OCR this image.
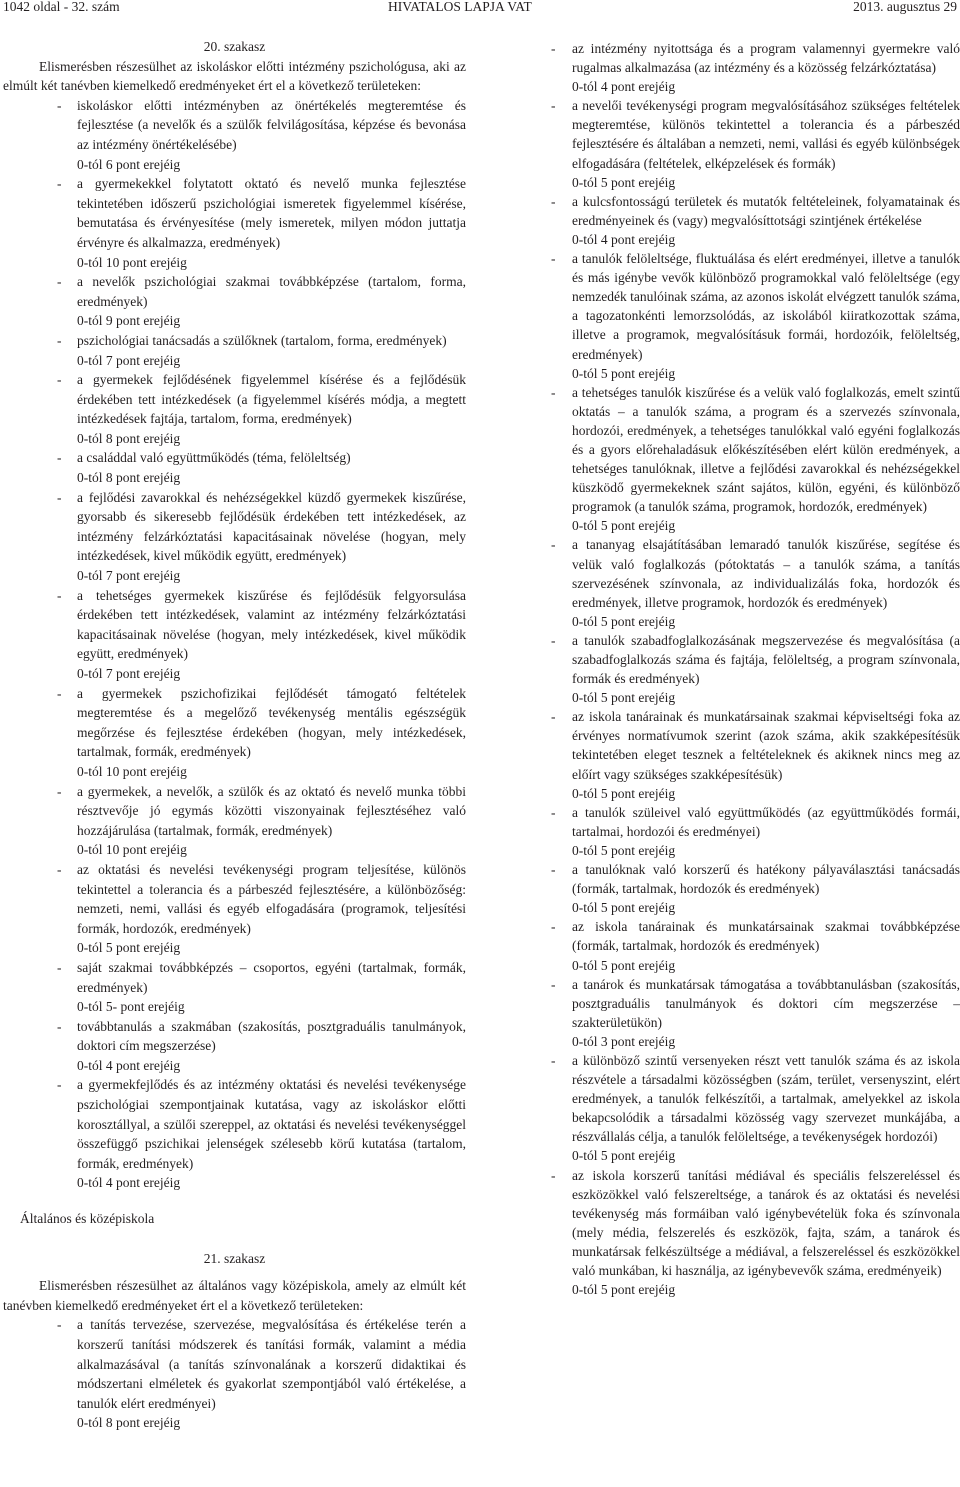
1042 oldal - 32. szám	HIVATALOS LAPJA VAT	2013. augusztus 29

20. szakasz

Elismerésben részesülhet az iskoláskor előtti intézmény pszichológusa, aki az elmúlt két tanévben kiemelkedő eredményeket ért el a következő területeken:

- iskoláskor előtti intézményben az önértékelés megteremtése és fejlesztése (a nevelők és a szülők felvilágosítása, képzése és bevonása az intézmény önértékelésébe)

0-tól 6 pont erejéig

- a gyermekekkel folytatott oktató és nevelő munka fejlesztése tekintetében időszerű pszichológiai ismeretek figyelemmel kísérése, bemutatása és érvényesítése (mely ismeretek, milyen módon juttatja érvényre és alkalmazza, eredmények)

0-tól 10 pont erejéig

- a nevelők pszichológiai szakmai továbbképzése (tartalom, forma, eredmények)

0-tól 9 pont erejéig

- pszichológiai tanácsadás a szülőknek (tartalom, forma, eredmények)

0-tól 7 pont erejéig

- a gyermekek fejlődésének figyelemmel kísérése és a fejlődésük érdekében tett intézkedések (a figyelemmel kísérés módja, a megtett intézkedések fajtája, tartalom, forma, eredmények)

0-tól 8 pont erejéig

- a családdal való együttműködés (téma, felöleltség)

0-tól 8 pont erejéig

- a fejlődési zavarokkal és nehézségekkel küzdő gyermekek kiszűrése, gyorsabb és sikeresebb fejlődésük érdekében tett intézkedések, az intézmény felzárkóztatási kapacitásainak növelése (hogyan, mely intézkedések, kivel működik együtt, eredmények)

0-tól 7 pont erejéig

- a tehetséges gyermekek kiszűrése és fejlődésük felgyorsulása érdekében tett intézkedések, valamint az intézmény felzárkóztatási kapacitásainak növelése (hogyan, mely intézkedések, kivel működik együtt, eredmények)

0-tól 7 pont erejéig

- a gyermekek pszichofizikai fejlődését támogató feltételek megteremtése és a megelőző tevékenység mentális egészségük megőrzése és fejlesztése érdekében (hogyan, mely intézkedések, tartalmak, formák, eredmények)

0-tól 10 pont erejéig

- a gyermekek, a nevelők, a szülők és az oktató és nevelő munka többi résztvevője jó egymás közötti viszonyainak fejlesztéséhez való hozzájárulása (tartalmak, formák, eredmények)

0-tól 10 pont erejéig

- az oktatási és nevelési tevékenységi program teljesítése, különös tekintettel a tolerancia és a párbeszéd fejlesztésére, a különbözőség: nemzeti, nemi, vallási és egyéb elfogadására (programok, teljesítési formák, hordozók, eredmények)

0-tól 5 pont erejéig

- saját szakmai továbbképzés – csoportos, egyéni (tartalmak, formák, eredmények)

0-tól 5- pont erejéig

- továbbtanulás a szakmában (szakosítás, posztgraduális tanulmányok, doktori cím megszerzése)

0-tól 4 pont erejéig

- a gyermekfejlődés és az intézmény oktatási és nevelési tevékenysége pszichológiai szempontjainak kutatása, vagy az iskoláskor előtti korosztállyal, a szülői szereppel, az oktatási és nevelési tevékenységgel összefüggő pszichikai jelenségek szélesebb körű kutatása (tartalom, formák, eredmények)

0-tól 4 pont erejéig

Általános és középiskola

21. szakasz

Elismerésben részesülhet az általános vagy középiskola, amely az elmúlt két tanévben kiemelkedő eredményeket ért el a következő területeken:

- a tanítás tervezése, szervezése, megvalósítása és értékelése terén a korszerű tanítási módszerek és tanítási formák, valamint a média alkalmazásával (a tanítás színvonalának a korszerű didaktikai és módszertani elméletek és gyakorlat szempontjából való értékelése, a tanulók elért eredményei)

0-tól 8 pont erejéig

- az intézmény nyitottsága és a program valamennyi gyermekre való rugalmas alkalmazása (az intézmény és a közösség felzárkóztatása)

0-tól 4 pont erejéig

- a nevelői tevékenységi program megvalósításához szükséges feltételek megteremtése, különös tekintettel a tolerancia és a párbeszéd fejlesztésére és általában a nemzeti, nemi, vallási és egyéb különbségek elfogadására (feltételek, elképzelések és formák)

0-tól 5 pont erejéig

- a kulcsfontosságú területek és mutatók feltételeinek, folyamatainak és eredményeinek és (vagy) megvalósíttotsági szintjének értékelése

0-tól 4 pont erejéig

- a tanulók felöleltsége, fluktuálása és elért eredményei, illetve a tanulók és más igénybe vevők különböző programokkal való felöleltsége (egy nemzedék tanulóinak száma, az azonos iskolát elvégzett tanulók száma, a tagozatonkénti lemorzsolódás, az iskolából kiiratkozottak száma, illetve a programok, megvalósításuk formái, hordozóik, felöleltség, eredmények)

0-tól 5 pont erejéig

- a tehetséges tanulók kiszűrése és a velük való foglalkozás, emelt szintű oktatás – a tanulók száma, a program és a szervezés színvonala, hordozói, eredmények, a tehetséges tanulókkal való egyéni foglalkozás és a gyors előrehaladásuk előkészítésében elért külön eredmények, a tehetséges tanulóknak, illetve a fejlődési zavarokkal és nehézségekkel küszködő gyermekeknek szánt sajátos, külön, egyéni, és különböző programok (a tanulók száma, programok, hordozók, eredmények)

0-tól 5 pont erejéig

- a tananyag elsajátításában lemaradó tanulók kiszűrése, segítése és velük való foglalkozás (pótoktatás – a tanulók száma, a tanítás szervezésének színvonala, az individualizálás foka, hordozók és eredmények, illetve programok, hordozók és eredmények)

0-tól 5 pont erejéig

- a tanulók szabadfoglalkozásának megszervezése és megvalósítása (a szabadfoglalkozás száma és fajtája, felöleltség, a program színvonala, formák és eredmények)

0-tól 5 pont erejéig

- az iskola tanárainak és munkatársainak szakmai képviseltségi foka az érvényes normatívumok szerint (azok száma, akik szakképesítésük tekintetében eleget tesznek a feltételeknek és akiknek nincs meg az előírt vagy szükséges szakképesítésük)

0-tól 5 pont erejéig

- a tanulók szüleivel való együttműködés (az együttműködés formái, tartalmai, hordozói és eredményei)

0-tól 5 pont erejéig

- a tanulóknak való korszerű és hatékony pályaválasztási tanácsadás (formák, tartalmak, hordozók és eredmények)

0-tól 5 pont erejéig

- az iskola tanárainak és munkatársainak szakmai továbbképzése (formák, tartalmak, hordozók és eredmények)

0-tól 5 pont erejéig

- a tanárok és munkatársak támogatása a továbbtanulásban (szakosítás, posztgraduális tanulmányok és doktori cím megszerzése – szakterületükön)

0-tól 3 pont erejéig

- a különböző szintű versenyeken részt vett tanulók száma és az iskola részvétele a társadalmi közösségben (szám, terület, versenyszint, elért eredmények, a tanulók felkészítői, a tartalmak, amelyekkel az iskola bekapcsolódik a társadalmi közösség vagy szervezet munkájába, a részvállalás célja, a tanulók felöleltsége, a tevékenységek hordozói)

0-tól 5 pont erejéig

- az iskola korszerű tanítási médiával és speciális felszereléssel és eszközökkel való felszereltsége, a tanárok és az oktatási és nevelési tevékenység más formáiban való igénybevételük foka és színvonala (mely média, felszerelés és eszközök, fajta, szám, a tanárok és munkatársak felkészültsége a médiával, a felszereléssel és eszközökkel való munkában, ki használja, az igénybevevők száma, eredményeik)

0-tól 5 pont erejéig
